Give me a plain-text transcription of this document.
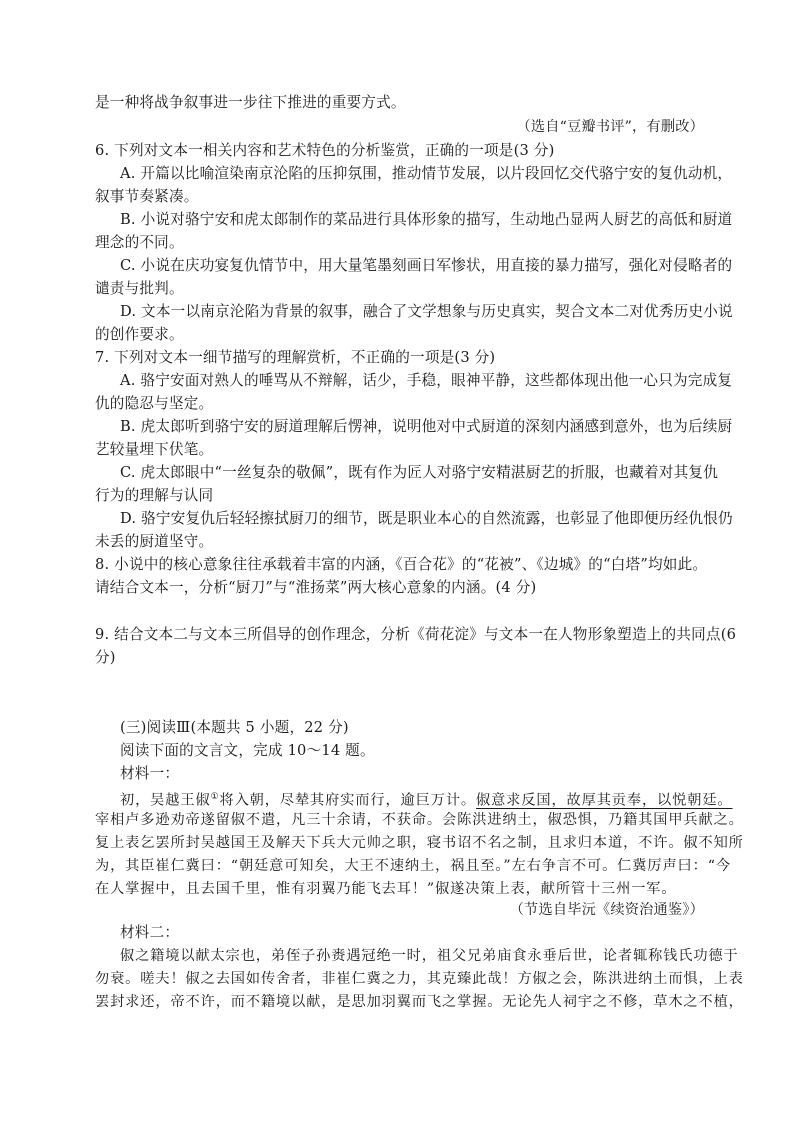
是一种将战争叙事进一步往下推进的重要方式。
（选自“豆瓣书评”，有删改）
6. 下列对文本一相关内容和艺术特色的分析鉴赏，正确的一项是(3 分)
A. 开篇以比喻渲染南京沦陷的压抑氛围，推动情节发展，以片段回忆交代骆宁安的复仇动机，
叙事节奏紧凑。
B. 小说对骆宁安和虎太郎制作的菜品进行具体形象的描写，生动地凸显两人厨艺的高低和厨道
理念的不同。
C. 小说在庆功宴复仇情节中，用大量笔墨刻画日军惨状，用直接的暴力描写，强化对侵略者的
谴责与批判。
D. 文本一以南京沦陷为背景的叙事，融合了文学想象与历史真实，契合文本二对优秀历史小说
的创作要求。
7. 下列对文本一细节描写的理解赏析，不正确的一项是(3 分)
A. 骆宁安面对熟人的唾骂从不辩解，话少，手稳，眼神平静，这些都体现出他一心只为完成复
仇的隐忍与坚定。
B. 虎太郎听到骆宁安的厨道理解后愣神，说明他对中式厨道的深刻内涵感到意外，也为后续厨
艺较量埋下伏笔。
C. 虎太郎眼中“一丝复杂的敬佩”，既有作为匠人对骆宁安精湛厨艺的折服，也藏着对其复仇
行为的理解与认同
D. 骆宁安复仇后轻轻擦拭厨刀的细节，既是职业本心的自然流露，也彰显了他即便历经仇恨仍
未丢的厨道坚守。
8. 小说中的核心意象往往承载着丰富的内涵，《百合花》的“花被”、《边城》的“白塔”均如此。
请结合文本一，分析“厨刀”与“淮扬菜”两大核心意象的内涵。(4 分)
9. 结合文本二与文本三所倡导的创作理念，分析《荷花淀》与文本一在人物形象塑造上的共同点(6
分)
(三)阅读Ⅲ(本题共 5 小题，22 分)
阅读下面的文言文，完成 10～14 题。
材料一：
初，吴越王俶①将入朝，尽辇其府实而行，逾巨万计。俶意求反国，故厚其贡奉，以悦朝廷。
宰相卢多逊劝帝遂留俶不遣，凡三十余请，不获命。会陈洪进纳土，俶恐惧，乃籍其国甲兵献之。
复上表乞罢所封吴越国王及解天下兵大元帅之职，寝书诏不名之制，且求归本道，不许。俶不知所
为，其臣崔仁冀曰：“朝廷意可知矣，大王不速纳土，祸且至。”左右争言不可。仁冀厉声曰：“今
在人掌握中，且去国千里，惟有羽翼乃能飞去耳！”俶遂决策上表，献所管十三州一军。
（节选自毕沅《续资治通鉴》）
材料二：
俶之籍境以献太宗也，弟侄子孙赉遇冠绝一时，祖父兄弟庙食永垂后世，论者辄称钱氏功德于
勿衰。嗟夫！俶之去国如传舍者，非崔仁冀之力，其克臻此哉！方俶之会，陈洪进纳土而惧，上表
罢封求还，帝不许，而不籍境以献，是思加羽翼而飞之掌握。无论先人祠宇之不修，草木之不植，
